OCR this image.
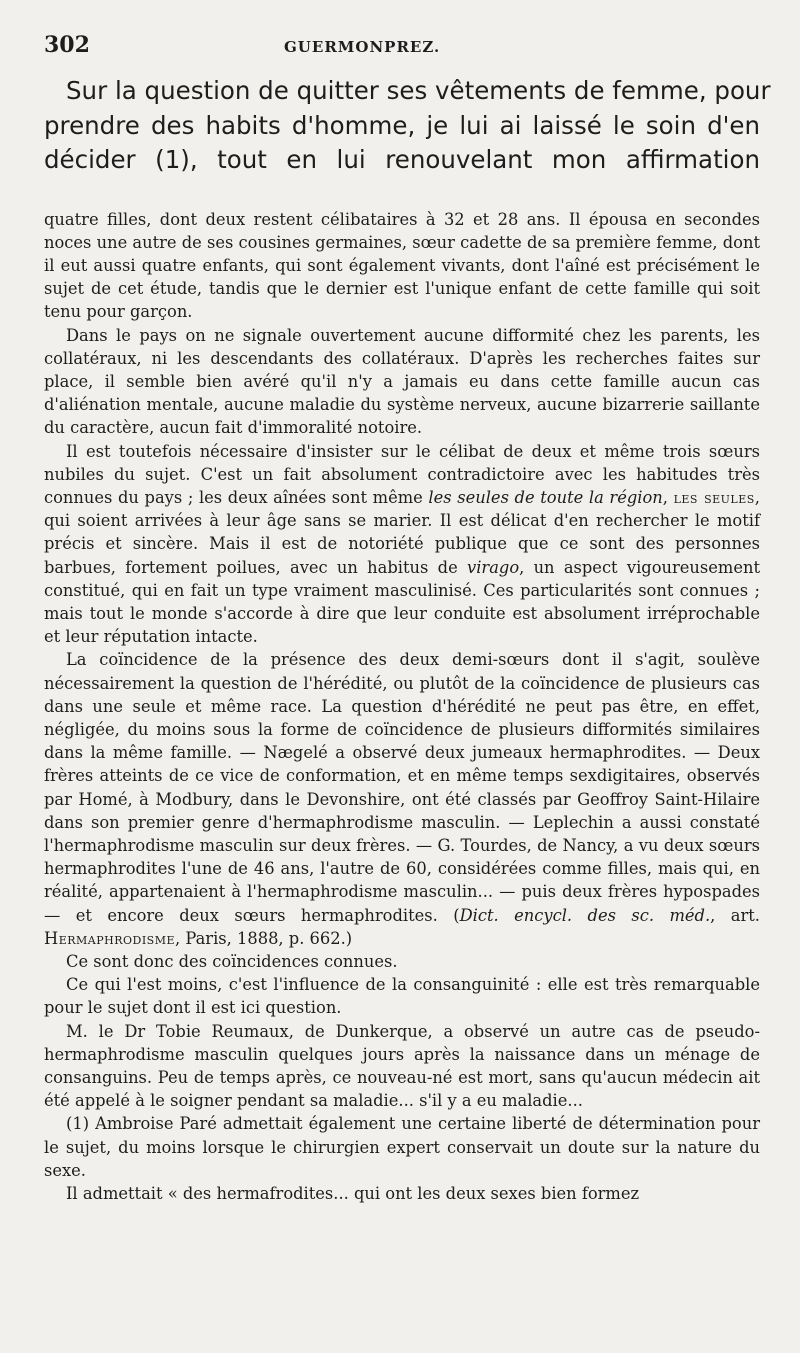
302	GUERMONPREZ.
Sur la question de quitter ses vêtements de femme, pour
prendre des habits d'homme, je lui ai laissé le soin d'en
décider (1), tout en lui renouvelant mon affirmation

quatre filles, dont deux restent célibataires à 32 et 28 ans. Il épousa en secondes noces une autre de ses cousines germaines, sœur cadette de sa première femme, dont il eut aussi quatre enfants, qui sont également vivants, dont l'aîné est précisément le sujet de cet étude, tandis que le dernier est l'unique enfant de cette famille qui soit tenu pour garçon.

Dans le pays on ne signale ouvertement aucune difformité chez les parents, les collatéraux, ni les descendants des collatéraux. D'après les recherches faites sur place, il semble bien avéré qu'il n'y a jamais eu dans cette famille aucun cas d'aliénation mentale, aucune maladie du système nerveux, aucune bizarrerie saillante du caractère, aucun fait d'immoralité notoire.

Il est toutefois nécessaire d'insister sur le célibat de deux et même trois sœurs nubiles du sujet. C'est un fait absolument contradictoire avec les habitudes très connues du pays ; les deux aînées sont même les seules de toute la région, les seules, qui soient arrivées à leur âge sans se marier. Il est délicat d'en rechercher le motif précis et sincère. Mais il est de notoriété publique que ce sont des personnes barbues, fortement poilues, avec un habitus de virago, un aspect vigoureusement constitué, qui en fait un type vraiment masculinisé. Ces particularités sont connues ; mais tout le monde s'accorde à dire que leur conduite est absolument irréprochable et leur réputation intacte.

La coïncidence de la présence des deux demi-sœurs dont il s'agit, soulève nécessairement la question de l'hérédité, ou plutôt de la coïncidence de plusieurs cas dans une seule et même race. La question d'hérédité ne peut pas être, en effet, négligée, du moins sous la forme de coïncidence de plusieurs difformités similaires dans la même famille. — Nægelé a observé deux jumeaux hermaphrodites. — Deux frères atteints de ce vice de conformation, et en même temps sexdigitaires, observés par Homé, à Modbury, dans le Devonshire, ont été classés par Geoffroy Saint-Hilaire dans son premier genre d'hermaphrodisme masculin. — Leplechin a aussi constaté l'hermaphrodisme masculin sur deux frères. — G. Tourdes, de Nancy, a vu deux sœurs hermaphrodites l'une de 46 ans, l'autre de 60, considérées comme filles, mais qui, en réalité, appartenaient à l'hermaphrodisme masculin... — puis deux frères hypospades — et encore deux sœurs hermaphrodites. (Dict. encycl. des sc. méd., art. Hermaphrodisme, Paris, 1888, p. 662.)

Ce sont donc des coïncidences connues.

Ce qui l'est moins, c'est l'influence de la consanguinité : elle est très remarquable pour le sujet dont il est ici question.

M. le Dr Tobie Reumaux, de Dunkerque, a observé un autre cas de pseudo-hermaphrodisme masculin quelques jours après la naissance dans un ménage de consanguins. Peu de temps après, ce nouveau-né est mort, sans qu'aucun médecin ait été appelé à le soigner pendant sa maladie... s'il y a eu maladie...

(1) Ambroise Paré admettait également une certaine liberté de détermination pour le sujet, du moins lorsque le chirurgien expert conservait un doute sur la nature du sexe.

Il admettait « des hermafrodites... qui ont les deux sexes bien formez
